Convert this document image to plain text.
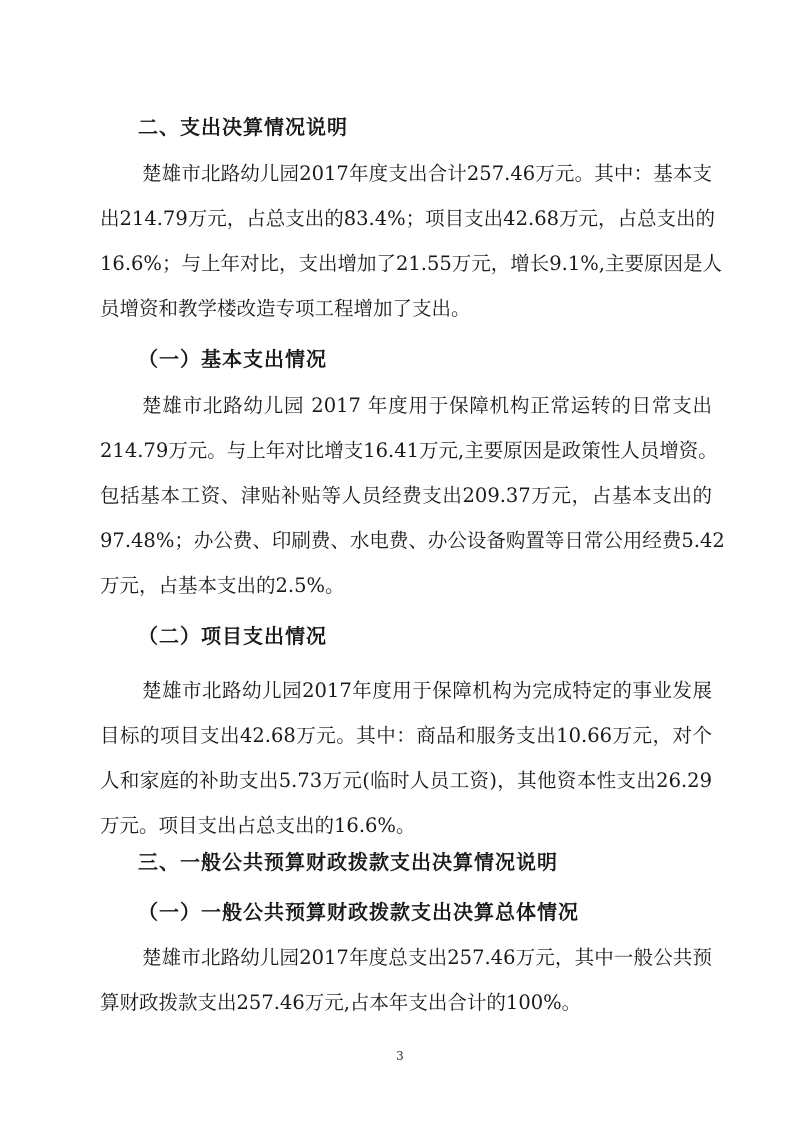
二、支出决算情况说明
楚雄市北路幼儿园2017年度支出合计257.46万元。其中：基本支
出214.79万元，占总支出的83.4%；项目支出42.68万元，占总支出的
16.6%；与上年对比，支出增加了21.55万元，增长9.1%,主要原因是人
员增资和教学楼改造专项工程增加了支出。
（一）基本支出情况
楚雄市北路幼儿园 2017 年度用于保障机构正常运转的日常支出
214.79万元。与上年对比增支16.41万元,主要原因是政策性人员增资。
包括基本工资、津贴补贴等人员经费支出209.37万元，占基本支出的
97.48%；办公费、印刷费、水电费、办公设备购置等日常公用经费5.42
万元，占基本支出的2.5%。
（二）项目支出情况
楚雄市北路幼儿园2017年度用于保障机构为完成特定的事业发展
目标的项目支出42.68万元。其中：商品和服务支出10.66万元，对个
人和家庭的补助支出5.73万元(临时人员工资)，其他资本性支出26.29
万元。项目支出占总支出的16.6%。
三、一般公共预算财政拨款支出决算情况说明
（一）一般公共预算财政拨款支出决算总体情况
楚雄市北路幼儿园2017年度总支出257.46万元，其中一般公共预
算财政拨款支出257.46万元,占本年支出合计的100%。
3
